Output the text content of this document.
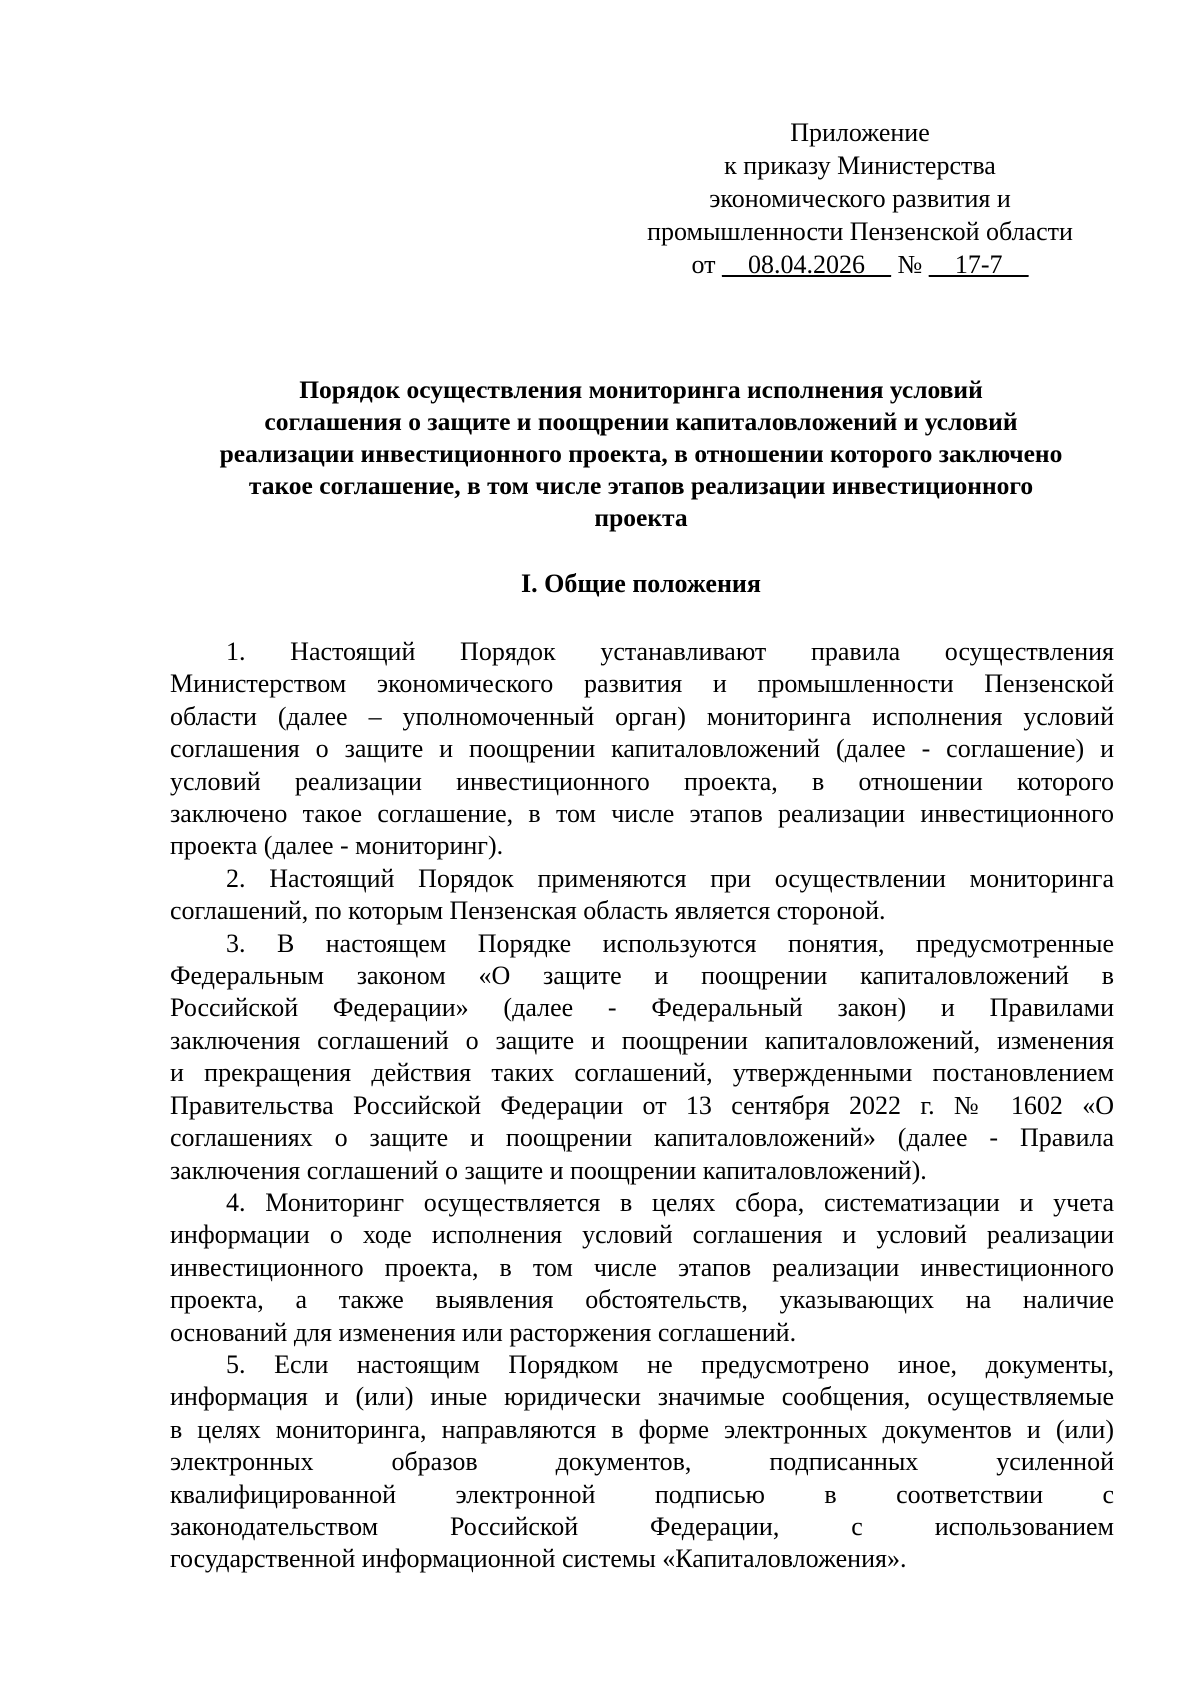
Приложение
к приказу Министерства
экономического развития и
промышленности Пензенской области
от __08.04.2026__ № __17-7__
Порядок осуществления мониторинга исполнения условий
соглашения о защите и поощрении капиталовложений и условий
реализации инвестиционного проекта, в отношении которого заключено
такое соглашение, в том числе этапов реализации инвестиционного
проекта
I. Общие положения

1. Настоящий Порядок устанавливают правила осуществления
Министерством экономического развития и промышленности Пензенской
области (далее – уполномоченный орган) мониторинга исполнения условий
соглашения о защите и поощрении капиталовложений (далее - соглашение) и
условий реализации инвестиционного проекта, в отношении которого
заключено такое соглашение, в том числе этапов реализации инвестиционного
проекта (далее - мониторинг).

2. Настоящий Порядок применяются при осуществлении мониторинга
соглашений, по которым Пензенская область является стороной.

3. В настоящем Порядке используются понятия, предусмотренные
Федеральным законом «О защите и поощрении капиталовложений в
Российской Федерации» (далее - Федеральный закон) и Правилами
заключения соглашений о защите и поощрении капиталовложений, изменения
и прекращения действия таких соглашений, утвержденными постановлением
Правительства Российской Федерации от 13 сентября 2022 г. № 1602 «О
соглашениях о защите и поощрении капиталовложений» (далее - Правила
заключения соглашений о защите и поощрении капиталовложений).

4. Мониторинг осуществляется в целях сбора, систематизации и учета
информации о ходе исполнения условий соглашения и условий реализации
инвестиционного проекта, в том числе этапов реализации инвестиционного
проекта, а также выявления обстоятельств, указывающих на наличие
оснований для изменения или расторжения соглашений.

5. Если настоящим Порядком не предусмотрено иное, документы,
информация и (или) иные юридически значимые сообщения, осуществляемые
в целях мониторинга, направляются в форме электронных документов и (или)
электронных образов документов, подписанных усиленной
квалифицированной электронной подписью в соответствии с
законодательством Российской Федерации, с использованием
государственной информационной системы «Капиталовложения».
